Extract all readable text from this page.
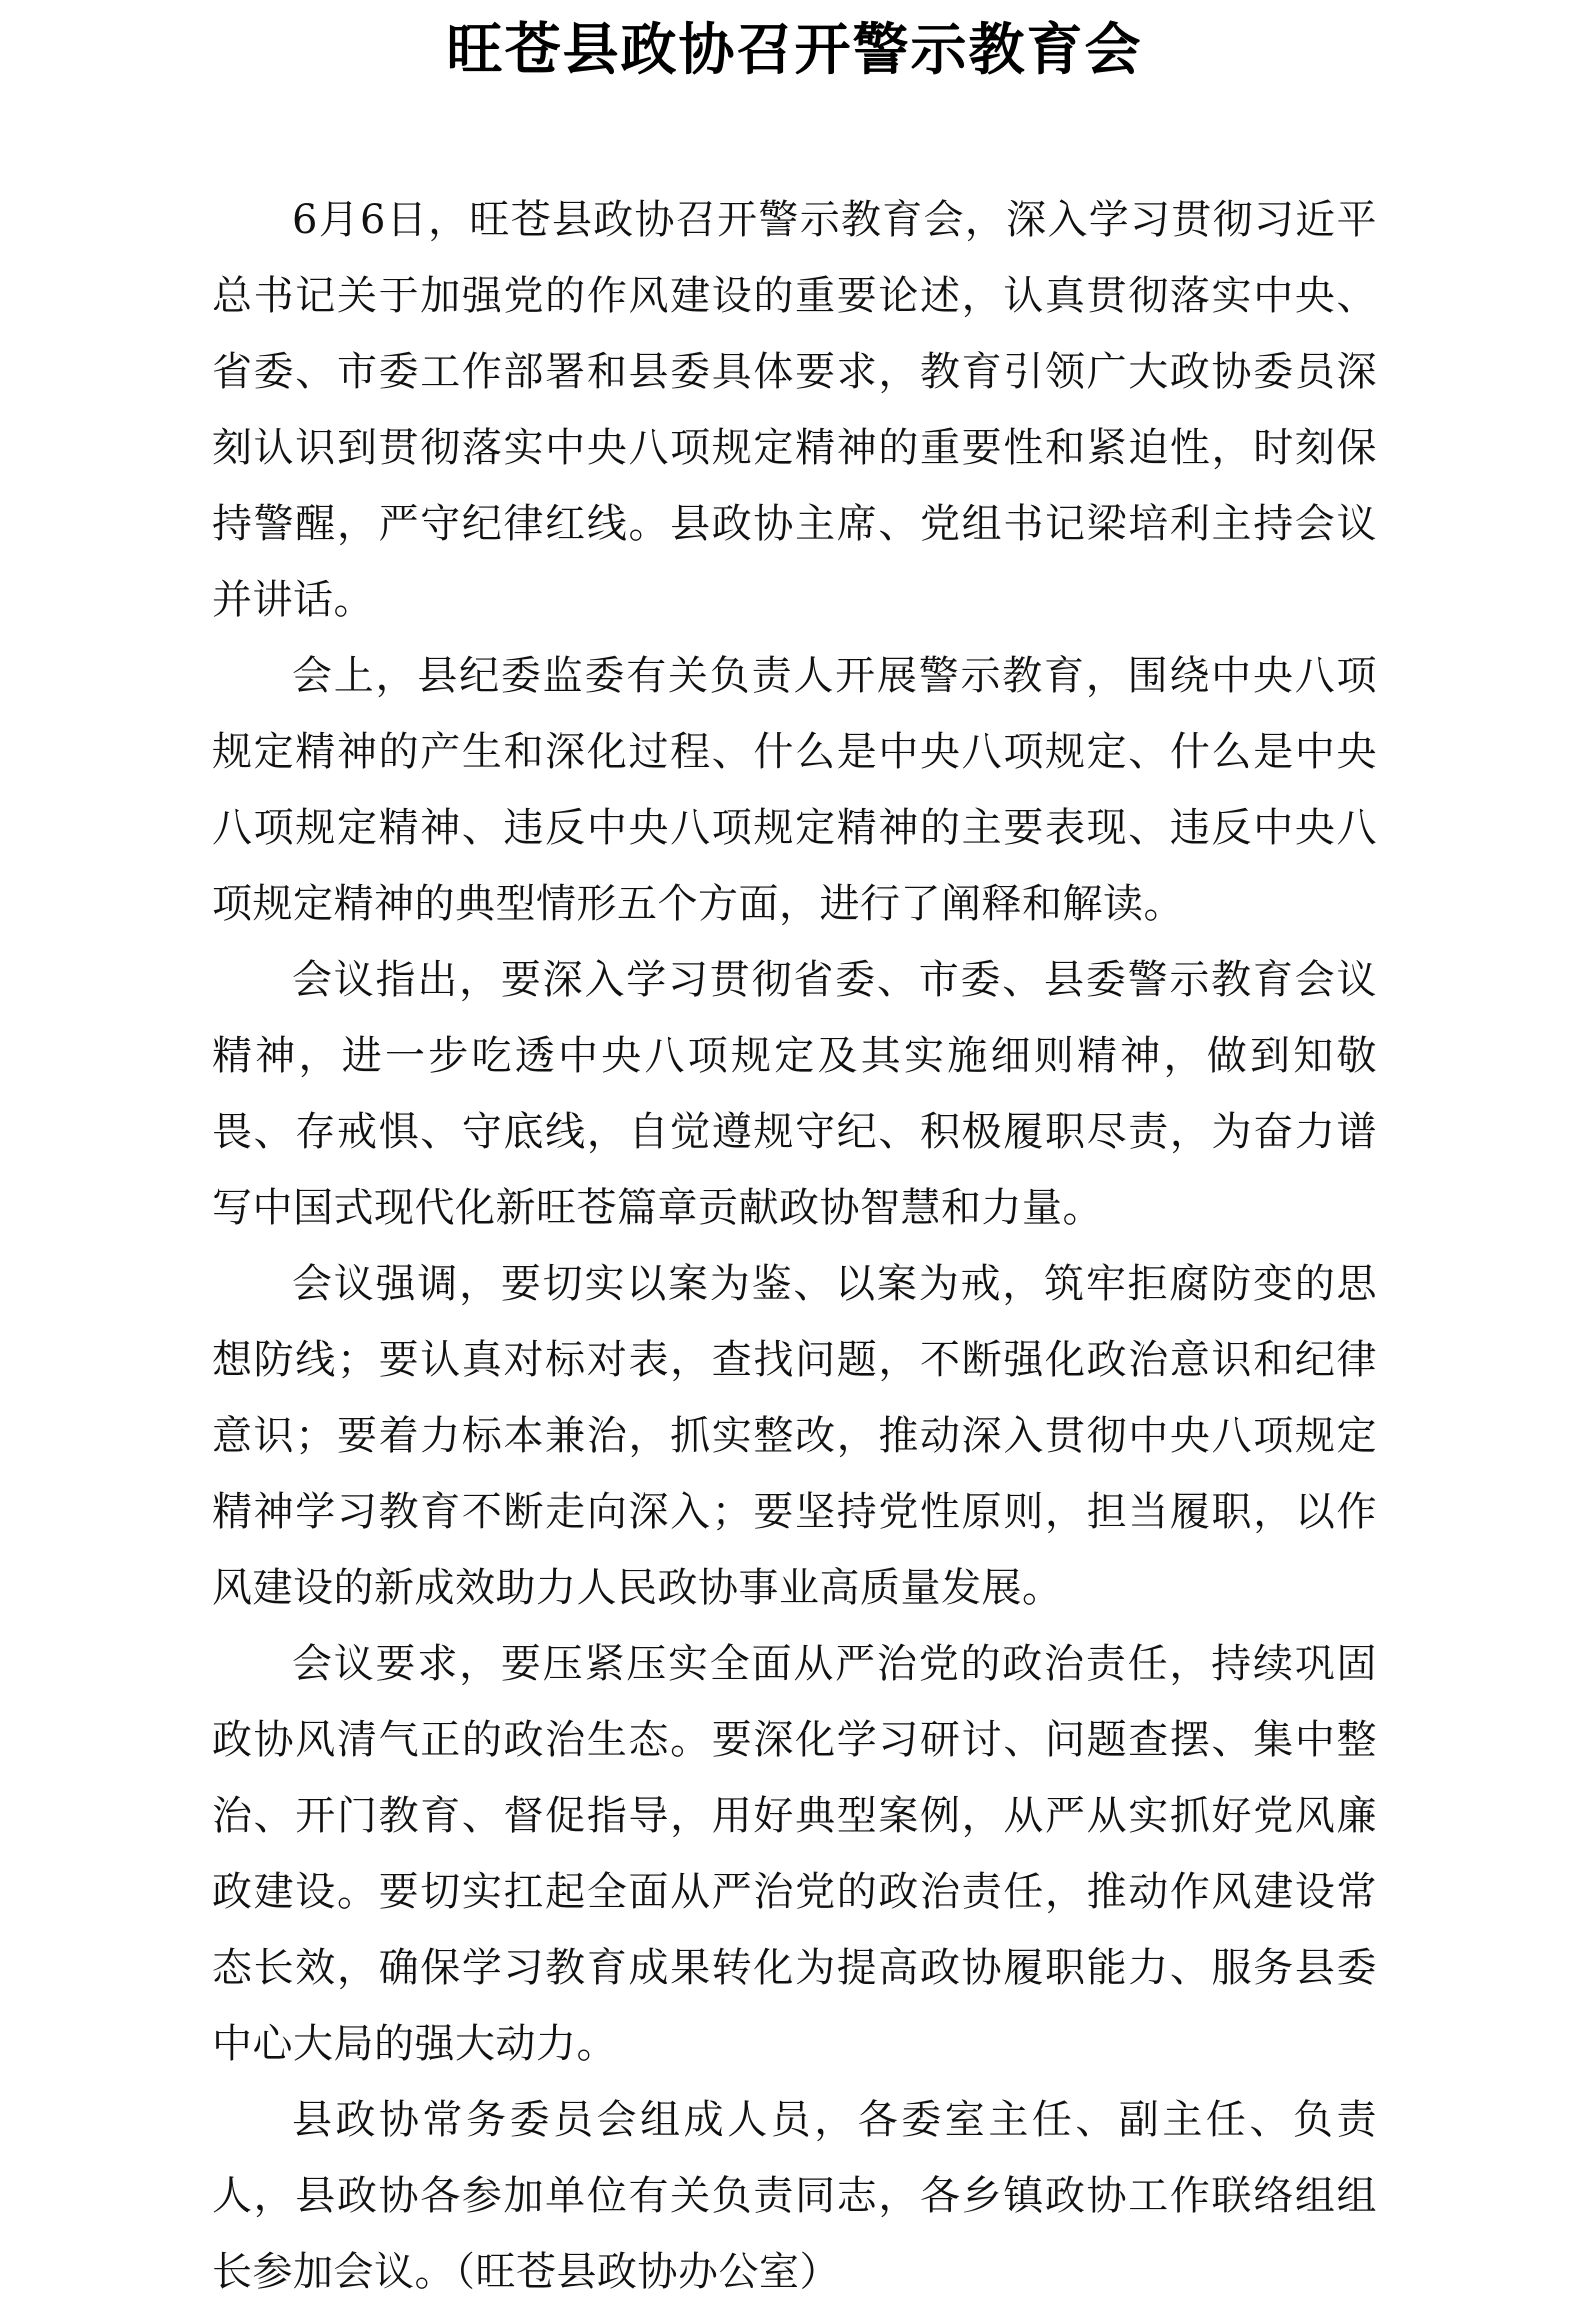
旺苍县政协召开警示教育会

6月6日，旺苍县政协召开警示教育会，深入学习贯彻习近平总书记关于加强党的作风建设的重要论述，认真贯彻落实中央、省委、市委工作部署和县委具体要求，教育引领广大政协委员深刻认识到贯彻落实中央八项规定精神的重要性和紧迫性，时刻保持警醒，严守纪律红线。县政协主席、党组书记梁培利主持会议并讲话。

会上，县纪委监委有关负责人开展警示教育，围绕中央八项规定精神的产生和深化过程、什么是中央八项规定、什么是中央八项规定精神、违反中央八项规定精神的主要表现、违反中央八项规定精神的典型情形五个方面，进行了阐释和解读。

会议指出，要深入学习贯彻省委、市委、县委警示教育会议精神，进一步吃透中央八项规定及其实施细则精神，做到知敬畏、存戒惧、守底线，自觉遵规守纪、积极履职尽责，为奋力谱写中国式现代化新旺苍篇章贡献政协智慧和力量。

会议强调，要切实以案为鉴、以案为戒，筑牢拒腐防变的思想防线；要认真对标对表，查找问题，不断强化政治意识和纪律意识；要着力标本兼治，抓实整改，推动深入贯彻中央八项规定精神学习教育不断走向深入；要坚持党性原则，担当履职，以作风建设的新成效助力人民政协事业高质量发展。

会议要求，要压紧压实全面从严治党的政治责任，持续巩固政协风清气正的政治生态。要深化学习研讨、问题查摆、集中整治、开门教育、督促指导，用好典型案例，从严从实抓好党风廉政建设。要切实扛起全面从严治党的政治责任，推动作风建设常态长效，确保学习教育成果转化为提高政协履职能力、服务县委中心大局的强大动力。

县政协常务委员会组成人员，各委室主任、副主任、负责人，县政协各参加单位有关负责同志，各乡镇政协工作联络组组长参加会议。（旺苍县政协办公室）
